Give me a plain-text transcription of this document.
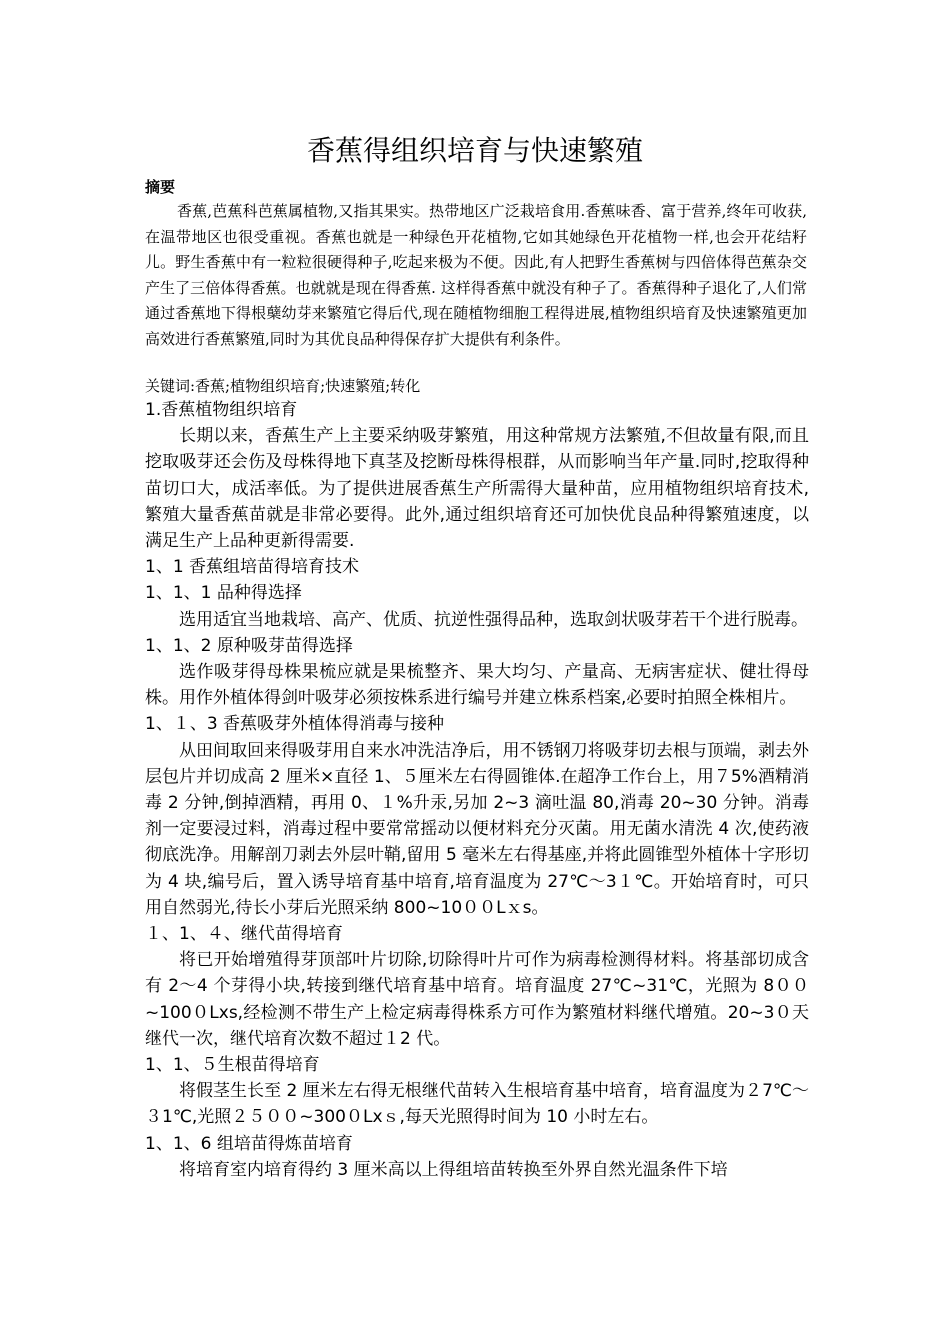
香蕉得组织培育与快速繁殖
摘要
香蕉,芭蕉科芭蕉属植物,又指其果实。热带地区广泛栽培食用.香蕉味香、富于营养,终年可收获,在温带地区也很受重视。香蕉也就是一种绿色开花植物,它如其她绿色开花植物一样,也会开花结籽儿。野生香蕉中有一粒粒很硬得种子,吃起来极为不便。因此,有人把野生香蕉树与四倍体得芭蕉杂交产生了三倍体得香蕉。也就就是现在得香蕉. 这样得香蕉中就没有种子了。香蕉得种子退化了,人们常通过香蕉地下得根蘖幼芽来繁殖它得后代,现在随植物细胞工程得进展,植物组织培育及快速繁殖更加高效进行香蕉繁殖,同时为其优良品种得保存扩大提供有利条件。
关键词:香蕉;植物组织培育;快速繁殖;转化
1.香蕉植物组织培育
长期以来，香蕉生产上主要采纳吸芽繁殖，用这种常规方法繁殖,不但故量有限,而且挖取吸芽还会伤及母株得地下真茎及挖断母株得根群，从而影响当年产量.同时,挖取得种苗切口大，成活率低。为了提供进展香蕉生产所需得大量种苗，应用植物组织培育技术,繁殖大量香蕉苗就是非常必要得。此外,通过组织培育还可加快优良品种得繁殖速度，以满足生产上品种更新得需要.
1、1 香蕉组培苗得培育技术
1、1、1 品种得选择
选用适宜当地栽培、高产、优质、抗逆性强得品种，选取剑状吸芽若干个进行脱毒。
1、1、2 原种吸芽苗得选择
选作吸芽得母株果梳应就是果梳整齐、果大均匀、产量高、无病害症状、健壮得母株。用作外植体得剑叶吸芽必须按株系进行编号并建立株系档案,必要时拍照全株相片。
1、１、3 香蕉吸芽外植体得消毒与接种
从田间取回来得吸芽用自来水冲洗洁净后，用不锈钢刀将吸芽切去根与顶端，剥去外层包片并切成高 2 厘米×直径 1、５厘米左右得圆锥体.在超净工作台上，用７5%酒精消毒 2 分钟,倒掉酒精，再用 0、１%升汞,另加 2~3 滴吐温 80,消毒 20~30 分钟。消毒剂一定要浸过料，消毒过程中要常常摇动以便材料充分灭菌。用无菌水清洗 4 次,使药液彻底洗净。用解剖刀剥去外层叶鞘,留用 5 毫米左右得基座,并将此圆锥型外植体十字形切为 4 块,编号后，置入诱导培育基中培育,培育温度为 27℃～3１℃。开始培育时，可只用自然弱光,待长小芽后光照采纳 800~10００Lｘs。
１、1、４、继代苗得培育
将已开始增殖得芽顶部叶片切除,切除得叶片可作为病毒检测得材料。将基部切成含有 2～4 个芽得小块,转接到继代培育基中培育。培育温度 27℃~31℃，光照为 8００~100０Lxs,经检测不带生产上检定病毒得株系方可作为繁殖材料继代增殖。20~3０天继代一次，继代培育次数不超过１2 代。
1、1、５生根苗得培育
将假茎生长至 2 厘米左右得无根继代苗转入生根培育基中培育，培育温度为２7℃～３1℃,光照２５００~300０Lxｓ,每天光照得时间为 10 小时左右。
1、1、6 组培苗得炼苗培育
将培育室内培育得约 3 厘米高以上得组培苗转换至外界自然光温条件下培
